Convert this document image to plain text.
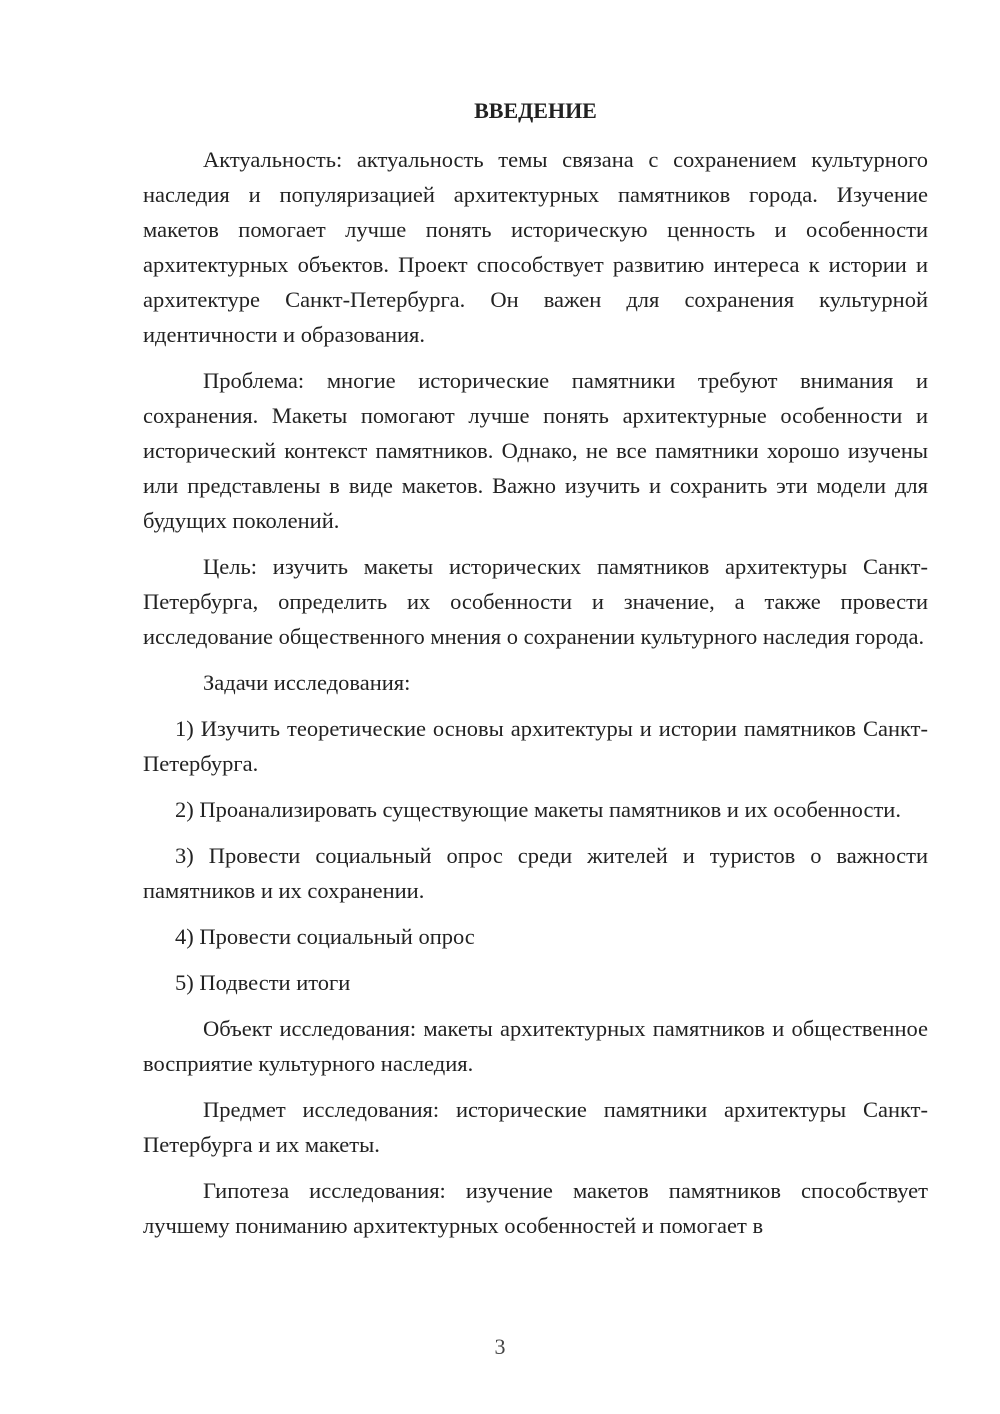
ВВЕДЕНИЕ

Актуальность: актуальность темы связана с сохранением культурного наследия и популяризацией архитектурных памятников города. Изучение макетов помогает лучше понять историческую ценность и особенности архитектурных объектов. Проект способствует развитию интереса к истории и архитектуре Санкт-Петербурга. Он важен для сохранения культурной идентичности и образования.

Проблема: многие исторические памятники требуют внимания и сохранения. Макеты помогают лучше понять архитектурные особенности и исторический контекст памятников. Однако, не все памятники хорошо изучены или представлены в виде макетов. Важно изучить и сохранить эти модели для будущих поколений.

Цель: изучить макеты исторических памятников архитектуры Санкт-Петербурга, определить их особенности и значение, а также провести исследование общественного мнения о сохранении культурного наследия города.

Задачи исследования:

1) Изучить теоретические основы архитектуры и истории памятников Санкт-Петербурга.

2) Проанализировать существующие макеты памятников и их особенности.

3) Провести социальный опрос среди жителей и туристов о важности памятников и их сохранении.

4) Провести социальный опрос

5) Подвести итоги

Объект исследования: макеты архитектурных памятников и общественное восприятие культурного наследия.

Предмет исследования: исторические памятники архитектуры Санкт-Петербурга и их макеты.

Гипотеза исследования: изучение макетов памятников способствует лучшему пониманию архитектурных особенностей и помогает в

3
